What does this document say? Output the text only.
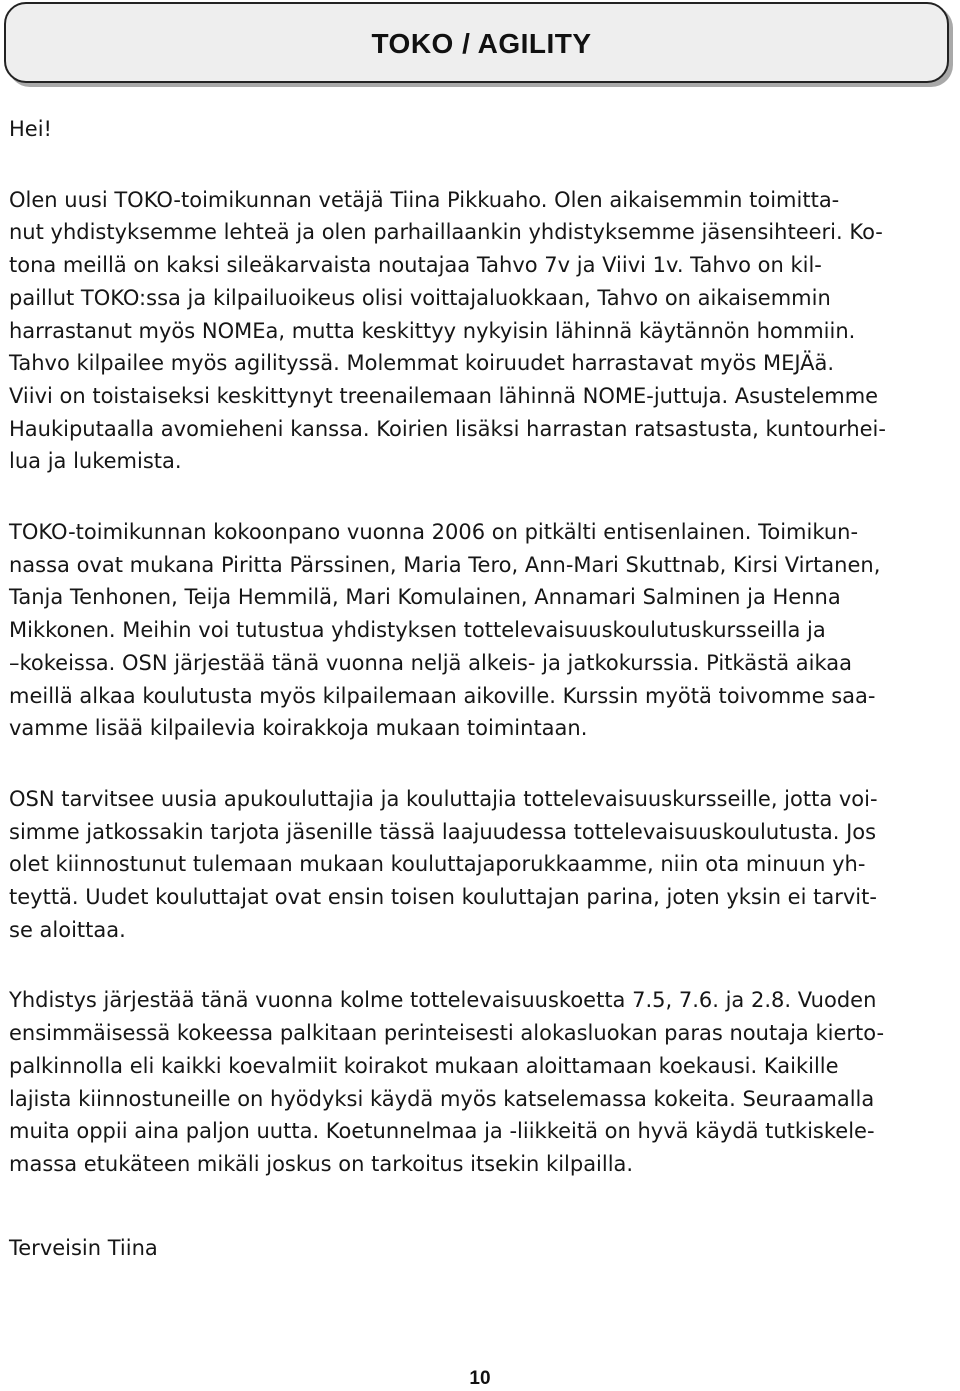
TOKO / AGILITY

Hei!

Olen uusi TOKO-toimikunnan vetäjä Tiina Pikkuaho. Olen aikaisemmin toimitta-
nut yhdistyksemme lehteä ja olen parhaillaankin yhdistyksemme jäsensihteeri. Ko-
tona meillä on kaksi sileäkarvaista noutajaa Tahvo 7v ja Viivi 1v. Tahvo on kil-
paillut TOKO:ssa ja kilpailuoikeus olisi voittajaluokkaan, Tahvo on aikaisemmin
harrastanut myös NOMEa, mutta keskittyy nykyisin lähinnä käytännön hommiin.
Tahvo kilpailee myös agilityssä. Molemmat koiruudet harrastavat myös MEJÄä.
Viivi on toistaiseksi keskittynyt treenailemaan lähinnä NOME-juttuja. Asustelemme
Haukiputaalla avomieheni kanssa. Koirien lisäksi harrastan ratsastusta, kuntourhei-
lua ja lukemista.
TOKO-toimikunnan kokoonpano vuonna 2006 on pitkälti entisenlainen. Toimikun-
nassa ovat mukana Piritta Pärssinen, Maria Tero, Ann-Mari Skuttnab, Kirsi Virtanen,
Tanja Tenhonen, Teija Hemmilä, Mari Komulainen, Annamari Salminen ja Henna
Mikkonen. Meihin voi tutustua yhdistyksen tottelevaisuuskoulutuskursseilla ja
–kokeissa. OSN järjestää tänä vuonna neljä alkeis- ja jatkokurssia. Pitkästä aikaa
meillä alkaa koulutusta myös kilpailemaan aikoville. Kurssin myötä toivomme saa-
vamme lisää kilpailevia koirakkoja mukaan toimintaan.
OSN tarvitsee uusia apukouluttajia ja kouluttajia tottelevaisuuskursseille, jotta voi-
simme jatkossakin tarjota jäsenille tässä laajuudessa tottelevaisuuskoulutusta. Jos
olet kiinnostunut tulemaan mukaan kouluttajaporukkaamme, niin ota minuun yh-
teyttä. Uudet kouluttajat ovat ensin toisen kouluttajan parina, joten yksin ei tarvit-
se aloittaa.
Yhdistys järjestää tänä vuonna kolme tottelevaisuuskoetta 7.5, 7.6. ja 2.8. Vuoden
ensimmäisessä kokeessa palkitaan perinteisesti alokasluokan paras noutaja kierto-
palkinnolla eli kaikki koevalmiit koirakot mukaan aloittamaan koekausi. Kaikille
lajista kiinnostuneille on hyödyksi käydä myös katselemassa kokeita. Seuraamalla
muita oppii aina paljon uutta. Koetunnelmaa ja -liikkeitä on hyvä käydä tutkiskele-
massa etukäteen mikäli joskus on tarkoitus itsekin kilpailla.

Terveisin Tiina

10
